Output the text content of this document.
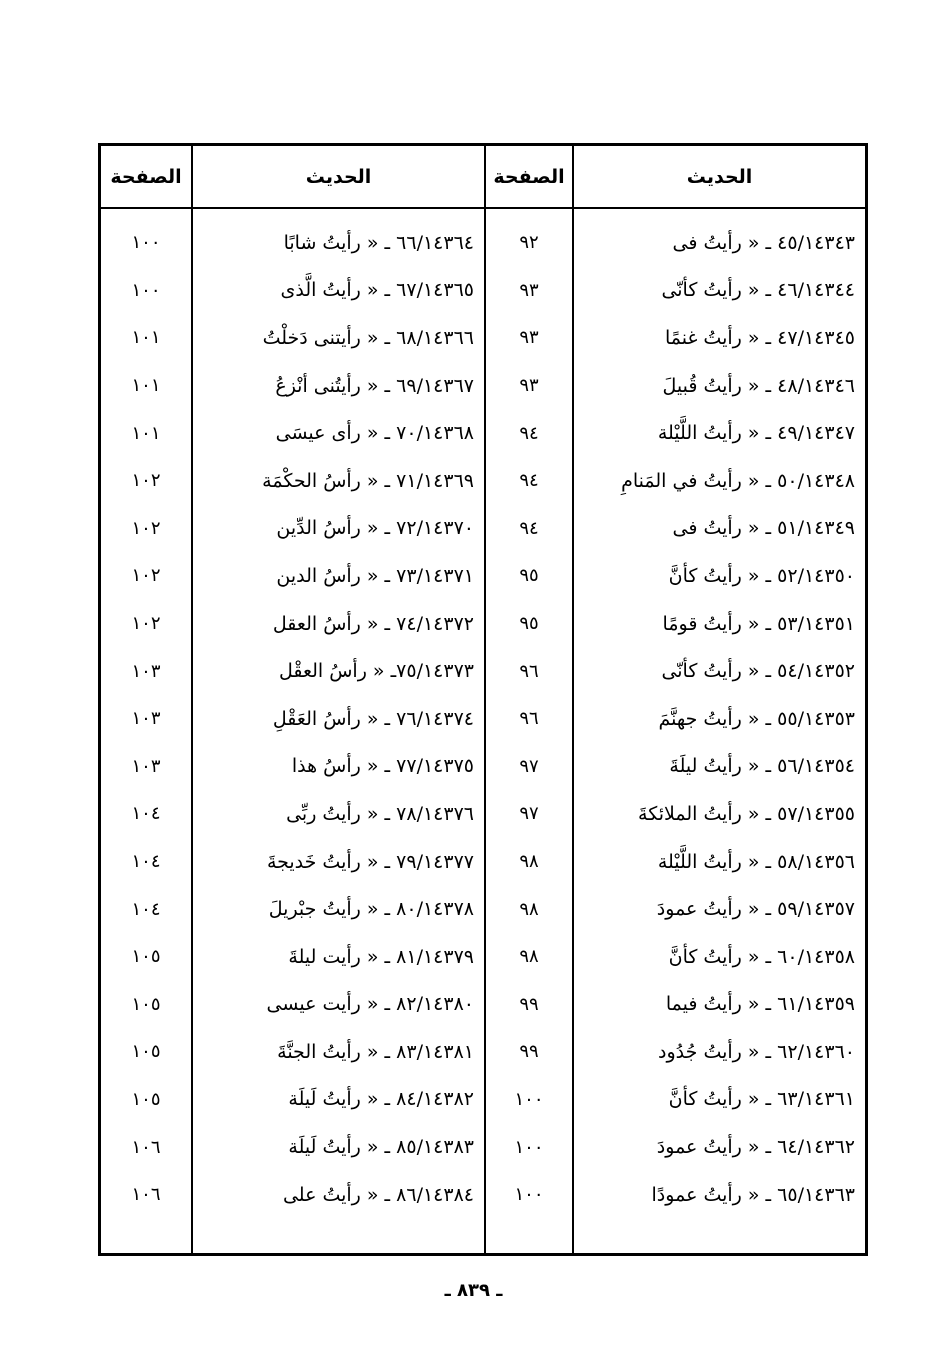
الحديث
٤٥/١٤٣٤٣ ـ « رأيتُ فى
٤٦/١٤٣٤٤ ـ « رأيتُ كأنّى
٤٧/١٤٣٤٥ ـ « رأيتُ غنمًا
٤٨/١٤٣٤٦ ـ « رأيتُ قُبيلَ
٤٩/١٤٣٤٧ ـ « رأيتُ اللَّيْلة
٥٠/١٤٣٤٨ ـ « رأيتُ في المَنامِ
٥١/١٤٣٤٩ ـ « رأيتُ فى
٥٢/١٤٣٥٠ ـ « رأيتُ كأنَّ
٥٣/١٤٣٥١ ـ « رأيتُ قومًا
٥٤/١٤٣٥٢ ـ « رأيتُ كأنّى
٥٥/١٤٣٥٣ ـ « رأيتُ جهنَّمَ
٥٦/١٤٣٥٤ ـ « رأيتُ ليلَةَ
٥٧/١٤٣٥٥ ـ « رأيتُ الملائكةَ
٥٨/١٤٣٥٦ ـ « رأيتُ اللَّيْلة
٥٩/١٤٣٥٧ ـ « رأيتُ عمودَ
٦٠/١٤٣٥٨ ـ « رأيتُ كأنَّ
٦١/١٤٣٥٩ ـ « رأيتُ فيما
٦٢/١٤٣٦٠ ـ « رأيتُ جُدُود
٦٣/١٤٣٦١ ـ « رأيتُ كأنَّ
٦٤/١٤٣٦٢ ـ « رأيتُ عمودَ
٦٥/١٤٣٦٣ ـ « رأيتُ عمودًا
الصفحة
٩٢
٩٣
٩٣
٩٣
٩٤
٩٤
٩٤
٩٥
٩٥
٩٦
٩٦
٩٧
٩٧
٩٨
٩٨
٩٨
٩٩
٩٩
١٠٠
١٠٠
١٠٠
الحديث
٦٦/١٤٣٦٤ ـ « رأيتُ شابًا
٦٧/١٤٣٦٥ ـ « رأيتُ الَّذى
٦٨/١٤٣٦٦ ـ « رأيتنى دَخلْتُ
٦٩/١٤٣٦٧ ـ « رأيتُنى أنْزعُ
٧٠/١٤٣٦٨ ـ « رأى عيسَى
٧١/١٤٣٦٩ ـ « رأسُ الحكْمَة
٧٢/١٤٣٧٠ ـ « رأسُ الدِّين
٧٣/١٤٣٧١ ـ « رأسُ الدين
٧٤/١٤٣٧٢ ـ « رأسُ العقل
٧٥/١٤٣٧٣ـ « رأسُ العقْل
٧٦/١٤٣٧٤ ـ « رأسُ العَقْلِ
٧٧/١٤٣٧٥ ـ « رأسُ هذا
٧٨/١٤٣٧٦ ـ « رأيتُ ربِّى
٧٩/١٤٣٧٧ ـ « رأيتُ خَديجةَ
٨٠/١٤٣٧٨ ـ « رأيتُ جبْريلَ
٨١/١٤٣٧٩ ـ « رأيت ليلةَ
٨٢/١٤٣٨٠ ـ « رأيت عيسى
٨٣/١٤٣٨١ ـ « رأيتُ الجنَّةَ
٨٤/١٤٣٨٢ ـ « رأيتُ لَيلَة
٨٥/١٤٣٨٣ ـ « رأيتُ لَيلَة
٨٦/١٤٣٨٤ ـ « رأيتُ على
الصفحة
١٠٠
١٠٠
١٠١
١٠١
١٠١
١٠٢
١٠٢
١٠٢
١٠٢
١٠٣
١٠٣
١٠٣
١٠٤
١٠٤
١٠٤
١٠٥
١٠٥
١٠٥
١٠٥
١٠٦
١٠٦
ـ ٨٣٩ ـ
